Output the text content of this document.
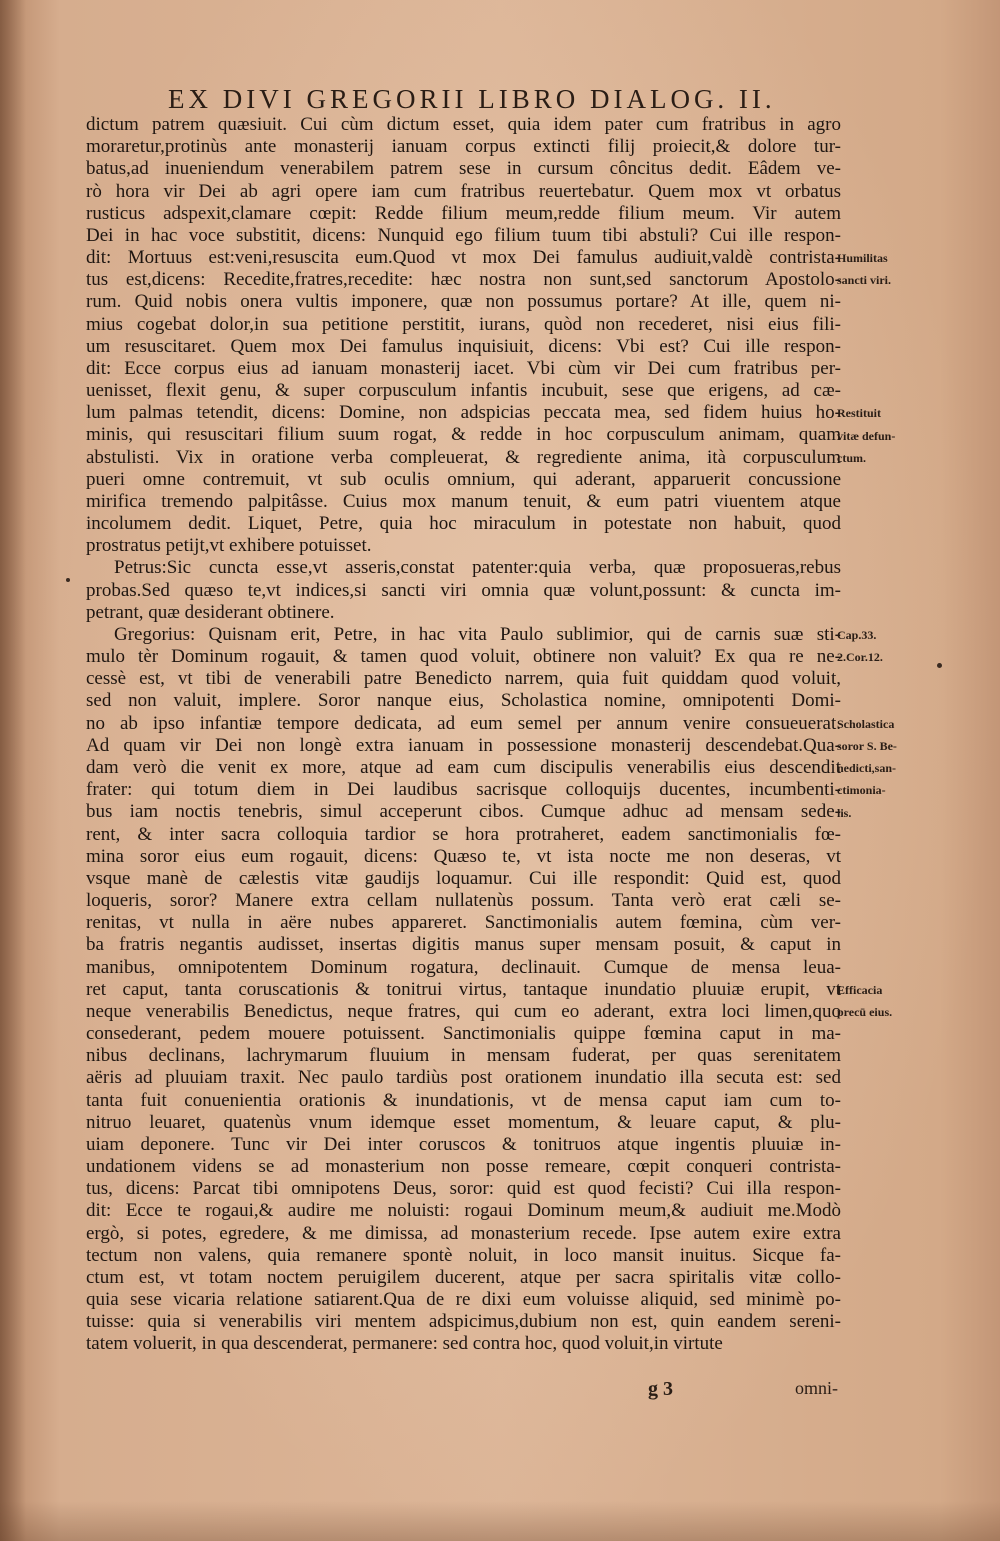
EX DIVI GREGORII LIBRO DIALOG. II.
dictum patrem quæsiuit. Cui cùm dictum esset, quia idem pater cum fratribus in agro
moraretur,protinùs ante monasterij ianuam corpus extincti filij proiecit,& dolore tur-
batus,ad inueniendum venerabilem patrem sese in cursum côncitus dedit. Eâdem ve-
rò hora vir Dei ab agri opere iam cum fratribus reuertebatur. Quem mox vt orbatus
rusticus adspexit,clamare cœpit: Redde filium meum,redde filium meum. Vir autem
Dei in hac voce substitit, dicens: Nunquid ego filium tuum tibi abstuli? Cui ille respon-
dit: Mortuus est:veni,resuscita eum.Quod vt mox Dei famulus audiuit,valdè contrista-
tus est,dicens: Recedite,fratres,recedite: hæc nostra non sunt,sed sanctorum Apostolo-
rum. Quid nobis onera vultis imponere, quæ non possumus portare? At ille, quem ni-
mius cogebat dolor,in sua petitione perstitit, iurans, quòd non recederet, nisi eius fili-
um resuscitaret. Quem mox Dei famulus inquisiuit, dicens: Vbi est? Cui ille respon-
dit: Ecce corpus eius ad ianuam monasterij iacet. Vbi cùm vir Dei cum fratribus per-
uenisset, flexit genu, & super corpusculum infantis incubuit, sese que erigens, ad cæ-
lum palmas tetendit, dicens: Domine, non adspicias peccata mea, sed fidem huius ho-
minis, qui resuscitari filium suum rogat, & redde in hoc corpusculum animam, quam
abstulisti. Vix in oratione verba compleuerat, & regrediente anima, ità corpusculum
pueri omne contremuit, vt sub oculis omnium, qui aderant, apparuerit concussione
mirifica tremendo palpitâsse. Cuius mox manum tenuit, & eum patri viuentem atque
incolumem dedit. Liquet, Petre, quia hoc miraculum in potestate non habuit, quod
prostratus petijt,vt exhibere potuisset.
Petrus:Sic cuncta esse,vt asseris,constat patenter:quia verba, quæ proposueras,rebus
probas.Sed quæso te,vt indices,si sancti viri omnia quæ volunt,possunt: & cuncta im-
petrant, quæ desiderant obtinere.
Gregorius: Quisnam erit, Petre, in hac vita Paulo sublimior, qui de carnis suæ sti-
mulo tèr Dominum rogauit, & tamen quod voluit, obtinere non valuit? Ex qua re ne-
cessè est, vt tibi de venerabili patre Benedicto narrem, quia fuit quiddam quod voluit,
sed non valuit, implere. Soror nanque eius, Scholastica nomine, omnipotenti Domi-
no ab ipso infantiæ tempore dedicata, ad eum semel per annum venire consueuerat.
Ad quam vir Dei non longè extra ianuam in possessione monasterij descendebat.Qua-
dam verò die venit ex more, atque ad eam cum discipulis venerabilis eius descendit
frater: qui totum diem in Dei laudibus sacrisque colloquijs ducentes, incumbenti-
bus iam noctis tenebris, simul acceperunt cibos. Cumque adhuc ad mensam sede-
rent, & inter sacra colloquia tardior se hora protraheret, eadem sanctimonialis fœ-
mina soror eius eum rogauit, dicens: Quæso te, vt ista nocte me non deseras, vt
vsque manè de cælestis vitæ gaudijs loquamur. Cui ille respondit: Quid est, quod
loqueris, soror? Manere extra cellam nullatenùs possum. Tanta verò erat cæli se-
renitas, vt nulla in aëre nubes appareret. Sanctimonialis autem fœmina, cùm ver-
ba fratris negantis audisset, insertas digitis manus super mensam posuit, & caput in
manibus, omnipotentem Dominum rogatura, declinauit. Cumque de mensa leua-
ret caput, tanta coruscationis & tonitrui virtus, tantaque inundatio pluuiæ erupit, vt
neque venerabilis Benedictus, neque fratres, qui cum eo aderant, extra loci limen,quo
consederant, pedem mouere potuissent. Sanctimonialis quippe fœmina caput in ma-
nibus declinans, lachrymarum fluuium in mensam fuderat, per quas serenitatem
aëris ad pluuiam traxit. Nec paulo tardiùs post orationem inundatio illa secuta est: sed
tanta fuit conuenientia orationis & inundationis, vt de mensa caput iam cum to-
nitruo leuaret, quatenùs vnum idemque esset momentum, & leuare caput, & plu-
uiam deponere. Tunc vir Dei inter coruscos & tonitruos atque ingentis pluuiæ in-
undationem videns se ad monasterium non posse remeare, cœpit conqueri contrista-
tus, dicens: Parcat tibi omnipotens Deus, soror: quid est quod fecisti? Cui illa respon-
dit: Ecce te rogaui,& audire me noluisti: rogaui Dominum meum,& audiuit me.Modò
ergò, si potes, egredere, & me dimissa, ad monasterium recede. Ipse autem exire extra
tectum non valens, quia remanere spontè noluit, in loco mansit inuitus. Sicque fa-
ctum est, vt totam noctem peruigilem ducerent, atque per sacra spiritalis vitæ collo-
quia sese vicaria relatione satiarent.Qua de re dixi eum voluisse aliquid, sed minimè po-
tuisse: quia si venerabilis viri mentem adspicimus,dubium non est, quin eandem sereni-
tatem voluerit, in qua descenderat, permanere: sed contra hoc, quod voluit,in virtute
Humilitas
sancti viri.
Restituit
vitæ defun-
ctum.
Cap.33.
2.Cor.12.
Scholastica
soror S. Be-
nedicti,san-
ctimonia-
lis.
Efficacia
precū eius.
g 3	omni-
